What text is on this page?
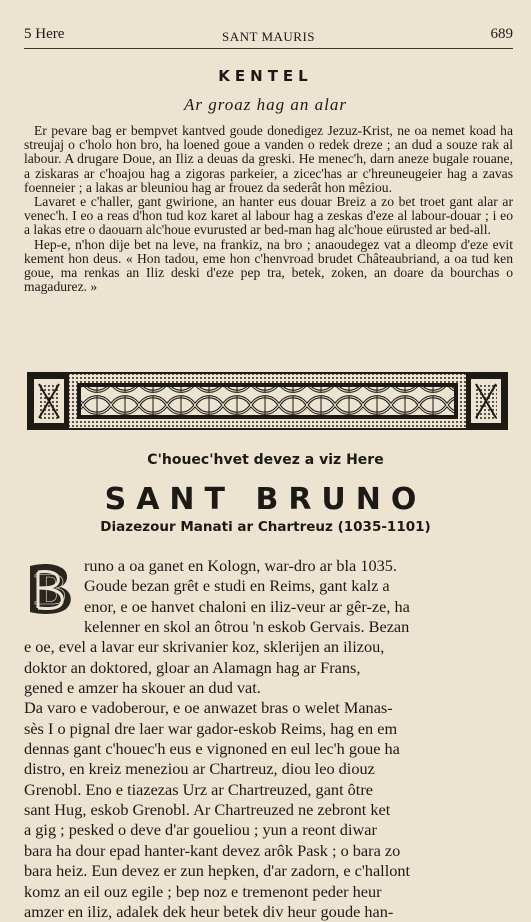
5 Here	SANT MAURIS	689
KENTEL
Ar groaz hag an alar

Er pevare bag er bempvet kantved goude donedigez Jezuz-Krist, ne oa nemet koad ha streujaj o c'holo hon bro, ha loened goue a vanden o redek dreze ; an dud a souze rak al labour. A drugare Doue, an Iliz a deuas da greski. He menec'h, darn aneze bugale rouane, a ziskaras ar c'hoajou hag a zigoras parkeier, a zicec'has ar c'hreuneugeier hag a zavas foenneier ; a lakas ar bleuniou hag ar frouez da sederât hon mêziou.

Lavaret e c'haller, gant gwirione, an hanter eus douar Breiz a zo bet troet gant alar ar venec'h. I eo a reas d'hon tud koz karet al labour hag a zeskas d'eze al labour-douar ; i eo a lakas etre o daouarn alc'houe evurusted ar bed-man hag alc'houe eürusted ar bed-all.

Hep-e, n'hon dije bet na leve, na frankiz, na bro ; anaoudegez vat a dleomp d'eze evit kement hon deus. « Hon tadou, eme hon c'henvroad brudet Châteaubriand, a oa tud ken goue, ma renkas an Iliz deski d'eze pep tra, betek, zoken, an doare da bourchas o magadurez. »

C'houec'hvet devez a viz Here
SANT BRUNO
Diazezour Manati ar Chartreuz (1035-1101)
B
runo a oa ganet en Kologn, war-dro ar bla 1035.
Goude bezan grêt e studi en Reims, gant kalz a
enor, e oe hanvet chaloni en iliz-veur ar gêr-ze, ha
kelenner en skol an ôtrou 'n eskob Gervais. Bezan
e oe, evel a lavar eur skrivanier koz, sklerijen an ilizou,
doktor an doktored, gloar an Alamagn hag ar Frans,
gened e amzer ha skouer an dud vat.
Da varo e vadoberour, e oe anwazet bras o welet Manas-
sès I o pignal dre laer war gador-eskob Reims, hag en em
dennas gant c'houec'h eus e vignoned en eul lec'h goue ha
distro, en kreiz meneziou ar Chartreuz, diou leo diouz
Grenobl. Eno e tiazezas Urz ar Chartreuzed, gant ôtre
sant Hug, eskob Grenobl. Ar Chartreuzed ne zebront ket
a gig ; pesked o deve d'ar goueliou ; yun a reont diwar
bara ha dour epad hanter-kant devez arôk Pask ; o bara zo
bara heiz. Eun devez er zun hepken, d'ar zadorn, e c'hallont
komz an eil ouz egile ; bep noz e tremenont peder heur
amzer en iliz, adalek dek heur betek div heur goude han-
